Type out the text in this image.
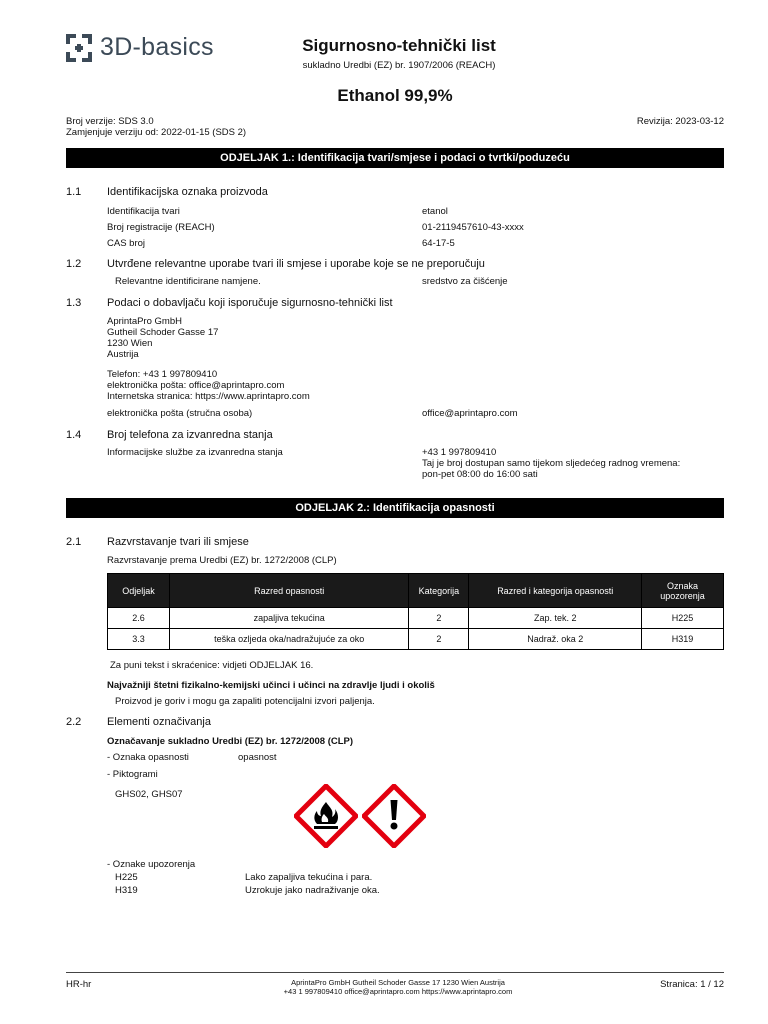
3D-basics	Sigurnosno-tehnički list
sukladno Uredbi (EZ) br. 1907/2006 (REACH)
Ethanol 99,9%
Broj verzije: SDS 3.0
Zamjenjuje verziju od: 2022-01-15 (SDS 2)
Revizija: 2023-03-12
ODJELJAK 1.: Identifikacija tvari/smjese i podaci o tvrtki/poduzeću
1.1 Identifikacijska oznaka proizvoda
Identifikacija tvari	etanol
Broj registracije (REACH)	01-2119457610-43-xxxx
CAS broj	64-17-5
1.2 Utvrđene relevantne uporabe tvari ili smjese i uporabe koje se ne preporučuju
Relevantne identificirane namjene.	sredstvo za čišćenje
1.3 Podaci o dobavljaču koji isporučuje sigurnosno-tehnički list
AprintaPro GmbH
Gutheil Schoder Gasse 17
1230 Wien
Austrija
Telefon: +43 1 997809410
elektronička pošta: office@aprintapro.com
Internetska stranica: https://www.aprintapro.com
elektronička pošta (stručna osoba)	office@aprintapro.com
1.4 Broj telefona za izvanredna stanja
Informacijske službe za izvanredna stanja	+43 1 997809410
Taj je broj dostupan samo tijekom sljedećeg radnog vremena:
pon-pet 08:00 do 16:00 sati
ODJELJAK 2.: Identifikacija opasnosti
2.1 Razvrstavanje tvari ili smjese
Razvrstavanje prema Uredbi (EZ) br. 1272/2008 (CLP)
Odjeljak	Razred opasnosti	Kategorija	Razred i kategorija opasnosti	Oznaka upozorenja
2.6	zapaljiva tekućina	2	Zap. tek. 2	H225
3.3	teška ozljeda oka/nadražujuće za oko	2	Nadraž. oka 2	H319
Za puni tekst i skraćenice: vidjeti ODJELJAK 16.
Najvažniji štetni fizikalno-kemijski učinci i učinci na zdravlje ljudi i okoliš
Proizvod je goriv i mogu ga zapaliti potencijalni izvori paljenja.
2.2 Elementi označivanja
Označavanje sukladno Uredbi (EZ) br. 1272/2008 (CLP)
- Oznaka opasnosti	opasnost
- Piktogrami
GHS02, GHS07
- Oznake upozorenja
H225	Lako zapaljiva tekućina i para.
H319	Uzrokuje jako nadraživanje oka.
HR-hr	AprintaPro GmbH Gutheil Schoder Gasse 17 1230 Wien Austrija
+43 1 997809410 office@aprintapro.com https://www.aprintapro.com
Stranica: 1 / 12
